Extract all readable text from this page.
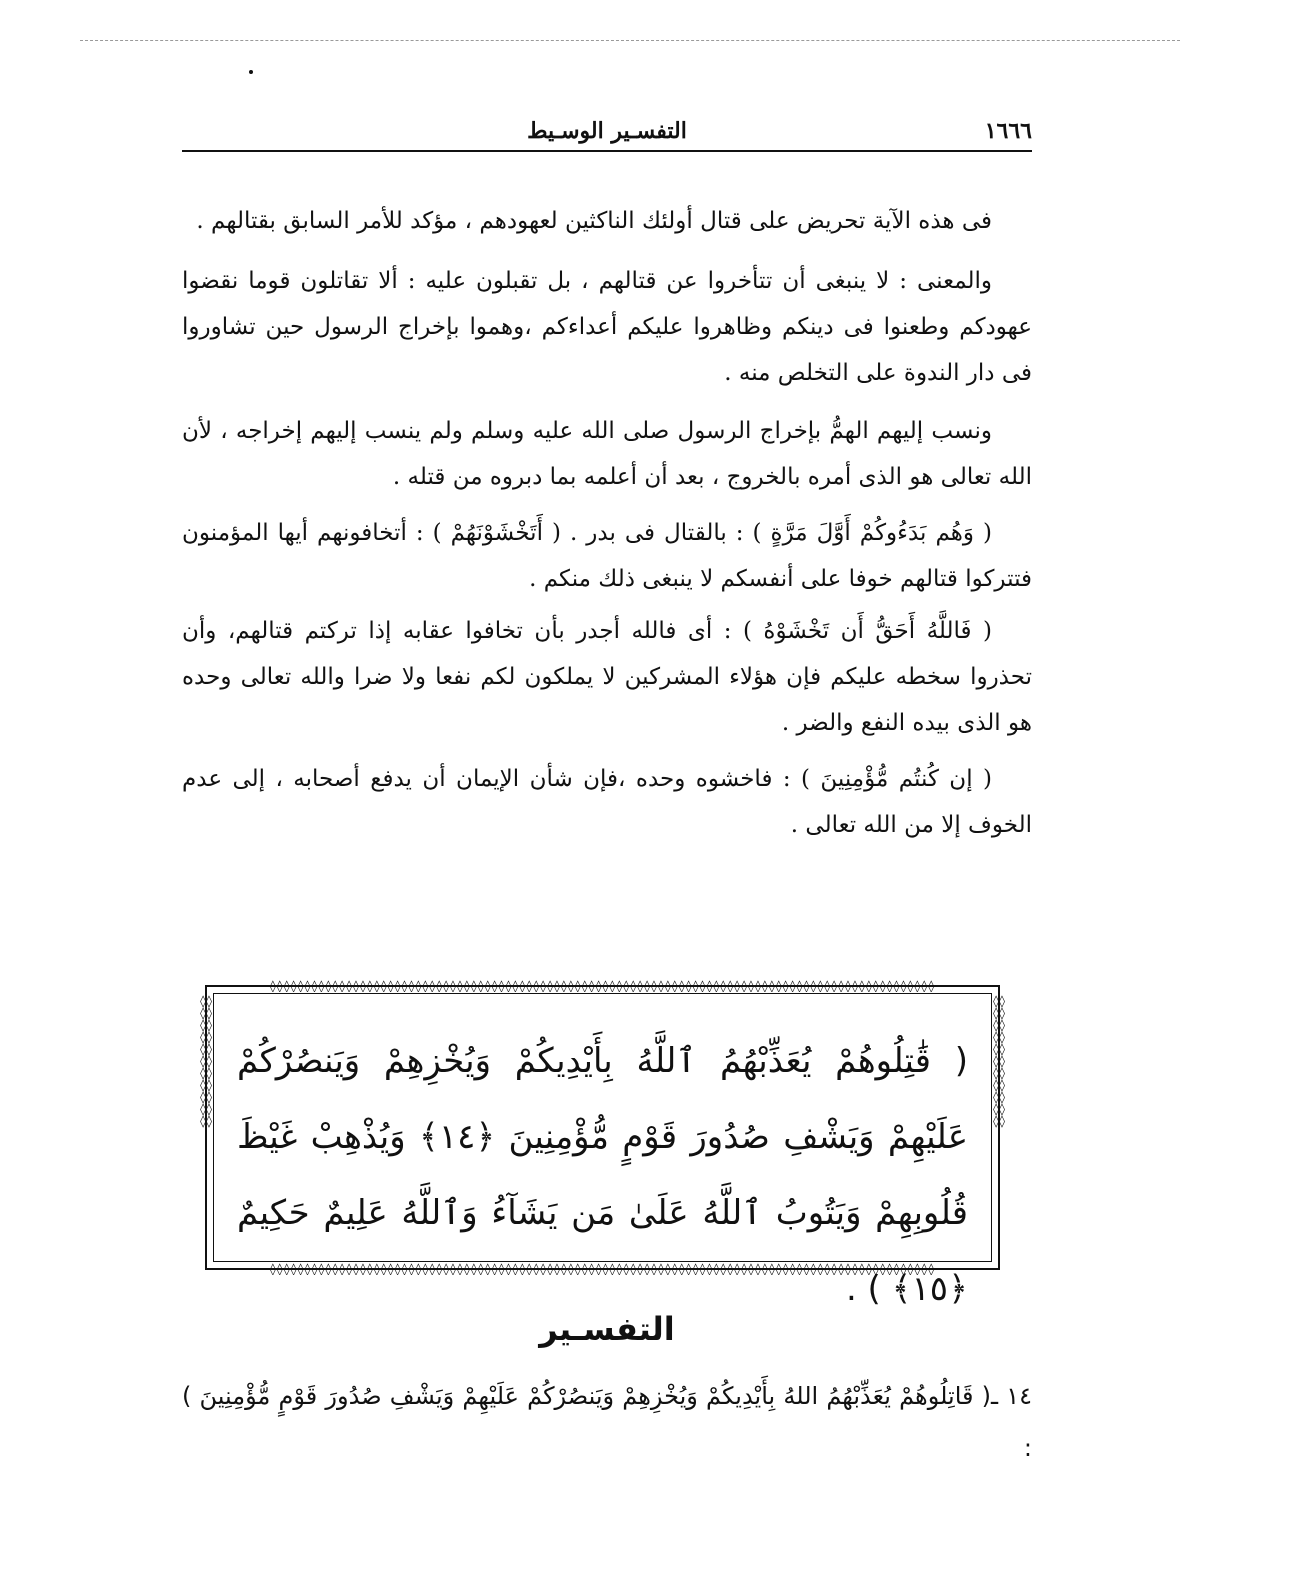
١٦٦٦
التفسـير الوسـيط

فى هذه الآية تحريض على قتال أولئك الناكثين لعهودهم ، مؤكد للأمر السابق بقتالهم .

والمعنى : لا ينبغى أن تتأخروا عن قتالهم ، بل تقبلون عليه : ألا تقاتلون قوما نقضوا عهودكم وطعنوا فى دينكم وظاهروا عليكم أعداءكم ،وهموا بإخراج الرسول حين تشاوروا فى دار الندوة على التخلص منه .

ونسب إليهم الهمُّ بإخراج الرسول صلى الله عليه وسلم ولم ينسب إليهم إخراجه ، لأن الله تعالى هو الذى أمره بالخروج ، بعد أن أعلمه بما دبروه من قتله .

( وَهُم بَدَءُوكُمْ أَوَّلَ مَرَّةٍ ) : بالقتال فى بدر . ( أَتَخْشَوْنَهُمْ ) : أتخافونهم أيها المؤمنون فتتركوا قتالهم خوفا على أنفسكم لا ينبغى ذلك منكم .

( فَاللَّهُ أَحَقُّ أَن تَخْشَوْهُ ) : أى فالله أجدر بأن تخافوا عقابه إذا تركتم قتالهم، وأن تحذروا سخطه عليكم فإن هؤلاء المشركين لا يملكون لكم نفعا ولا ضرا والله تعالى وحده هو الذى بيده النفع والضر .

( إن كُنتُم مُّؤْمِنِينَ ) : فاخشوه وحده ،فإن شأن الإيمان أن يدفع أصحابه ، إلى عدم الخوف إلا من الله تعالى .

◊◊◊◊◊◊◊◊◊◊◊◊◊◊◊◊◊◊◊◊◊◊◊◊◊◊◊◊◊◊◊◊◊◊◊◊◊◊◊◊◊◊◊◊◊◊◊◊◊◊◊◊◊◊◊◊◊◊◊◊◊◊◊◊◊◊◊◊◊◊◊◊◊◊◊◊◊◊◊◊◊◊◊◊◊◊◊◊◊◊◊◊◊◊◊◊
◊◊◊◊◊◊◊◊◊◊◊◊◊◊◊◊◊◊◊◊◊◊◊◊◊◊◊◊◊◊◊◊◊◊◊◊◊◊◊◊◊◊◊◊◊◊◊◊◊◊◊◊◊◊◊◊◊◊◊◊◊◊◊◊◊◊◊◊◊◊◊◊◊◊◊◊◊◊◊◊◊◊◊◊◊◊◊◊◊◊◊◊◊◊◊◊
◊◊◊◊◊◊◊◊◊◊◊◊◊◊◊◊◊◊◊◊◊◊
◊◊◊◊◊◊◊◊◊◊◊◊◊◊◊◊◊◊◊◊◊◊
( قَٰتِلُوهُمْ يُعَذِّبْهُمُ ٱللَّهُ بِأَيْدِيكُمْ وَيُخْزِهِمْ وَيَنصُرْكُمْ عَلَيْهِمْ وَيَشْفِ صُدُورَ قَوْمٍ مُّؤْمِنِينَ ﴿١٤﴾ وَيُذْهِبْ غَيْظَ قُلُوبِهِمْ وَيَتُوبُ ٱللَّهُ عَلَىٰ مَن يَشَآءُ وَٱللَّهُ عَلِيمٌ حَكِيمٌ ﴿١٥﴾ ) .
التفسـير
١٤ ـ( قَاتِلُوهُمْ يُعَذِّبْهُمُ اللهُ بِأَيْدِيكُمْ وَيُخْزِهِمْ وَيَنصُرْكُمْ عَلَيْهِمْ وَيَشْفِ صُدُورَ قَوْمٍ مُّؤْمِنِينَ ) :
